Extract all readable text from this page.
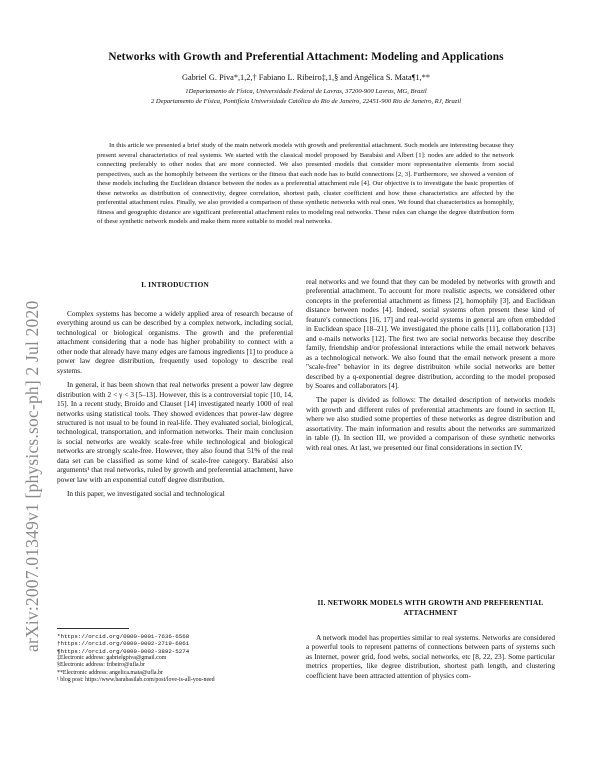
arXiv:2007.01349v1 [physics.soc-ph] 2 Jul 2020
Networks with Growth and Preferential Attachment: Modeling and Applications
Gabriel G. Piva*,1,2,† Fabiano L. Ribeiro‡,1,§ and Angélica S. Mata¶1,**
1Departamento de Física, Universidade Federal de Lavras, 37200-900 Lavras, MG, Brazil
2 Departamento de Física, Pontifícia Universidade Católica do Rio de Janeiro, 22451-900 Rio de Janeiro, RJ, Brazil

In this article we presented a brief study of the main network models with growth and preferential attachment. Such models are interesting because they present several characteristics of real systems. We started with the classical model proposed by Barabási and Albert [1]: nodes are added to the network connecting preferably to other nodes that are more connected. We also presented models that consider more representative elements from social perspectives, such as the homophily between the vertices or the fitness that each node has to build connections [2, 3]. Furthermore, we showed a version of these models including the Euclidean distance between the nodes as a preferential attachment rule [4]. Our objective is to investigate the basic properties of these networks as distribution of connectivity, degree correlation, shortest path, cluster coefficient and how these characteristics are affected by the preferential attachment rules. Finally, we also provided a comparison of these synthetic networks with real ones. We found that characteristics as homophily, fitness and geographic distance are significant preferential attachment rules to modeling real networks. These rules can change the degree distribution form of these synthetic network models and make them more suitable to model real networks.

I. INTRODUCTION

Complex systems has become a widely applied area of research because of everything around us can be described by a complex network, including social, technological or biological organisms. The growth and the preferential attachment considering that a node has higher probability to connect with a other node that already have many edges are famous ingredients [1] to produce a power law degree distribution, frequently used topology to describe real systems.

In general, it has been shown that real networks present a power law degree distribution with 2 < γ < 3 [5–13]. However, this is a controversial topic [10, 14, 15]. In a recent study, Broido and Clauset [14] investigated nearly 1000 of real networks using statistical tools. They showed evidences that power-law degree structured is not usual to be found in real-life. They evaluated social, biological, technological, transportation, and information networks. Their main conclusion is social networks are weakly scale-free while technological and biological networks are strongly scale-free. However, they also found that 51% of the real data set can be classified as some kind of scale-free category. Barabási also arguments¹ that real networks, ruled by growth and preferential attachment, have power law with an exponential cutoff degree distribution.

In this paper, we investigated social and technological

*https://orcid.org/0000-0001-7636-6568
†https://orcid.org/0000-0002-2719-6061
¶https://orcid.org/0000-0002-3892-5274
‡Electronic address: gabrielgpiva@gmail.com
§Electronic address: fribeiro@ufla.br
**Electronic address: angelica.mata@ufla.br
¹ blog post: https://www.barabasilab.com/post/love-is-all-you-need

real networks and we found that they can be modeled by networks with growth and preferential attachment. To account for more realistic aspects, we considered other concepts in the preferential attachment as fitness [2], homophily [3], and Euclidean distance between nodes [4]. Indeed, social systems often present these kind of feature's connections [16, 17] and real-world systems in general are often embedded in Euclidean space [18–21]. We investigated the phone calls [11], collaboration [13] and e-mails networks [12]. The first two are social networks because they describe family, friendship and/or professional interactions while the email network behaves as a technological network. We also found that the email network present a more "scale-free" behavior in its degree distribuiton while social networks are better described by a q-exponential degree distribution, according to the model proposed by Soares and collaborators [4].

The paper is divided as follows: The detailed description of networks models with growth and different rules of preferential attachments are found in section II, where we also studied some properties of these networks as degree distribution and assortativity. The main information and results about the networks are summarized in table (I). In section III, we provided a comparison of these synthetic networks with real ones. At last, we presented our final considerations in section IV.

II. NETWORK MODELS WITH GROWTH AND PREFERENTIAL ATTACHMENT

A network model has properties similar to real systems. Networks are considered a powerful tools to represent patterns of connections between parts of systems such as Internet, power grid, food webs, social networks, etc [8, 22, 23]. Some particular metrics properties, like degree distribution, shortest path length, and clustering coefficient have been attracted attention of physics com-
